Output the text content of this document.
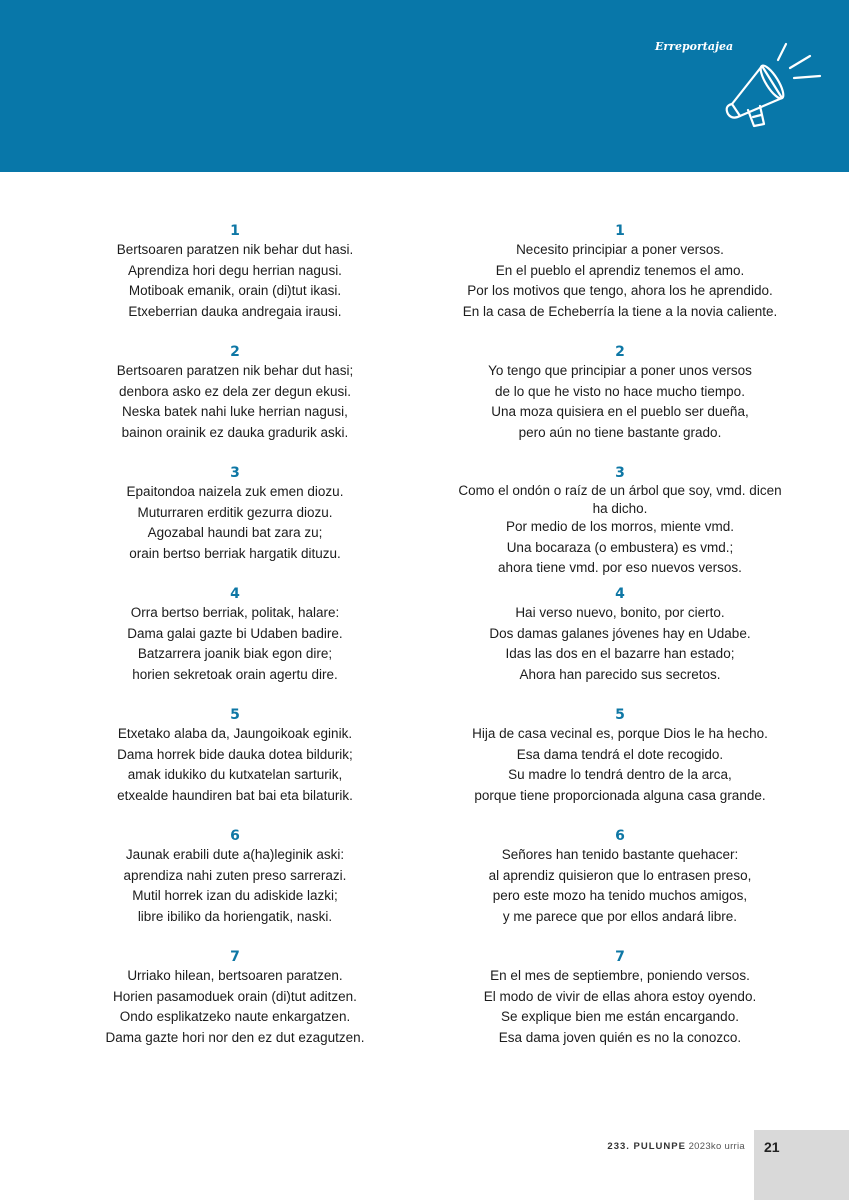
Erreportajea
1
Bertsoaren paratzen nik behar dut hasi.
Aprendiza hori degu herrian nagusi.
Motiboak emanik, orain (di)tut ikasi.
Etxeberrian dauka andregaia irausi.
2
Bertsoaren paratzen nik behar dut hasi;
denbora asko ez dela zer degun ekusi.
Neska batek nahi luke herrian nagusi,
bainon orainik ez dauka gradurik aski.
3
Epaitondoa naizela zuk emen diozu.
Muturraren erditik gezurra diozu.
Agozabal haundi bat zara zu;
orain bertso berriak hargatik dituzu.
4
Orra bertso berriak, politak, halare:
Dama galai gazte bi Udaben badire.
Batzarrera joanik biak egon dire;
horien sekretoak orain agertu dire.
5
Etxetako alaba da, Jaungoikoak eginik.
Dama horrek bide dauka dotea bildurik;
amak idukiko du kutxatelan sarturik,
etxealde haundiren bat bai eta bilaturik.
6
Jaunak erabili dute a(ha)leginik aski:
aprendiza nahi zuten preso sarrerazi.
Mutil horrek izan du adiskide lazki;
libre ibiliko da horiengatik, naski.
7
Urriako hilean, bertsoaren paratzen.
Horien pasamoduek orain (di)tut aditzen.
Ondo esplikatzeko naute enkargatzen.
Dama gazte hori nor den ez dut ezagutzen.
1
Necesito principiar a poner versos.
En el pueblo el aprendiz tenemos el amo.
Por los motivos que tengo, ahora los he aprendido.
En la casa de Echeberría la tiene a la novia caliente.
2
Yo tengo que principiar a poner unos versos
de lo que he visto no hace mucho tiempo.
Una moza quisiera en el pueblo ser dueña,
pero aún no tiene bastante grado.
3
Como el ondón o raíz de un árbol que soy, vmd. dicen ha dicho.
Por medio de los morros, miente vmd.
Una bocaraza (o embustera) es vmd.;
ahora tiene vmd. por eso nuevos versos.
4
Hai verso nuevo, bonito, por cierto.
Dos damas galanes jóvenes hay en Udabe.
Idas las dos en el bazarre han estado;
Ahora han parecido sus secretos.
5
Hija de casa vecinal es, porque Dios le ha hecho.
Esa dama tendrá el dote recogido.
Su madre lo tendrá dentro de la arca,
porque tiene proporcionada alguna casa grande.
6
Señores han tenido bastante quehacer:
al aprendiz quisieron que lo entrasen preso,
pero este mozo ha tenido muchos amigos,
y me parece que por ellos andará libre.
7
En el mes de septiembre, poniendo versos.
El modo de vivir de ellas ahora estoy oyendo.
Se explique bien me están encargando.
Esa dama joven quién es no la conozco.
233. PULUNPE 2023ko urria 21
